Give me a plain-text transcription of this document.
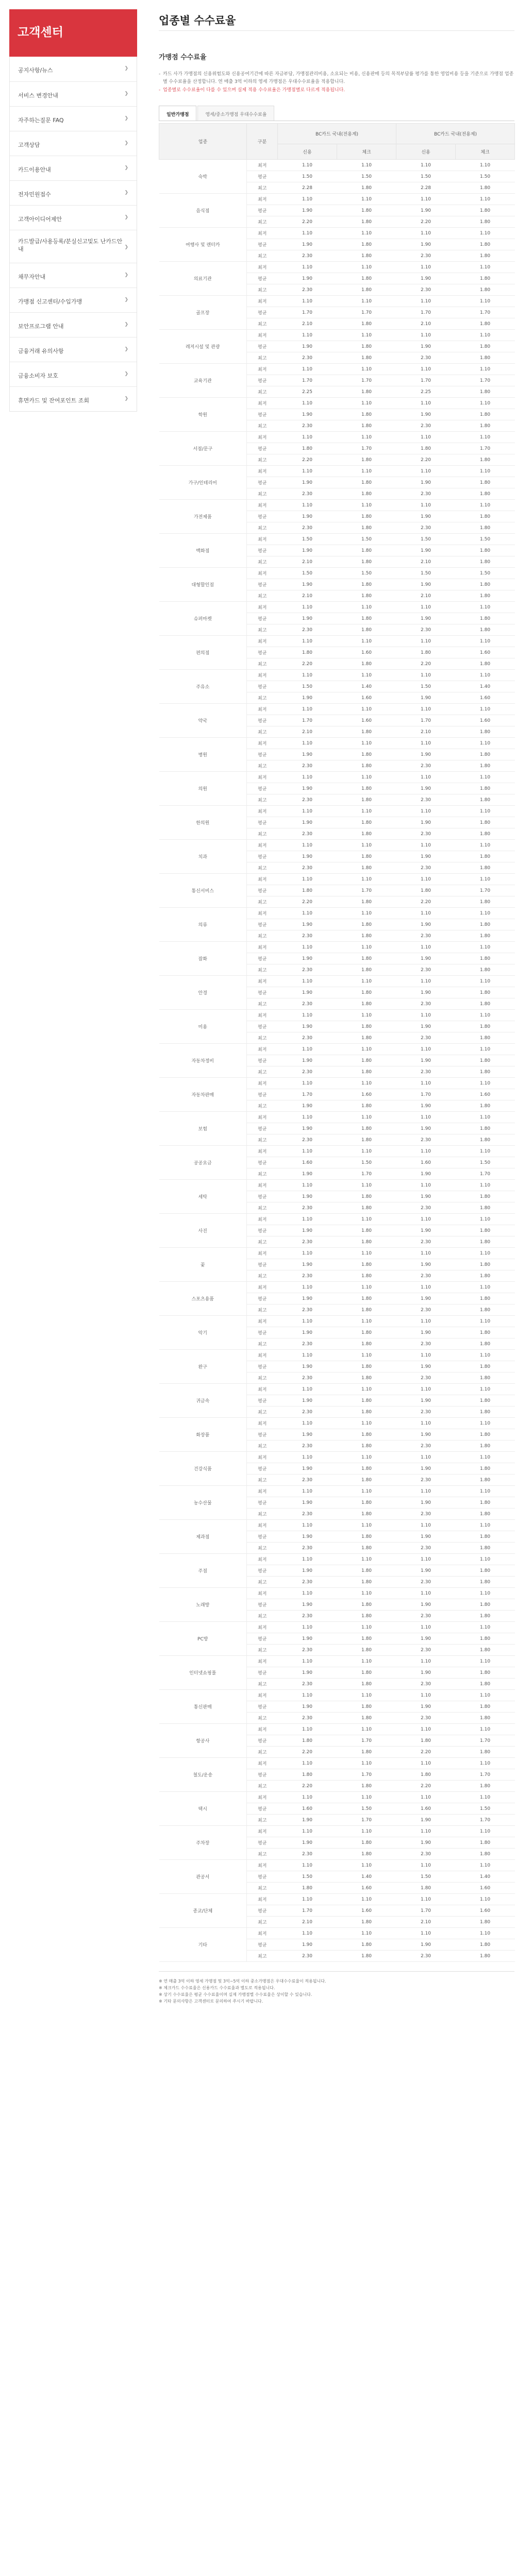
고객센터
공지사항/뉴스	❯
서비스 변경안내	❯
자주하는질문 FAQ	❯
고객상담	❯
카드이용안내	❯
전자민원접수	❯
고객아이디어제안	❯
카드발급/사용등록/분실신고및도 난카드안내	❯
채무자안내	❯
가맹점 신고센터/수입가맹	❯
보안프로그램 안내	❯
금융거래 유의사항	❯
금융소비자 보호	❯
휴면카드 및 잔여포인트 조회	❯
업종별 수수료율
가맹점 수수료율
- 카드 사가 가맹점의 신용위험도와 신용공여기간에 따른 자금부담, 가맹점관리비용, 소요되는 비용, 신용판매 등의 목적부담률 평가를 통한 영업비용 등을 기준으로 가맹점 업종별 수수료율을 산정합니다. 연 매출 3억 이하의 영세 가맹점은 우대수수료율을 적용합니다.
- 업종별로 수수료율이 다를 수 있으며 실제 적용 수수료율은 가맹점별로 다르게 적용됩니다.
일반가맹점	영세/중소가맹점 우대수수료율
업종	구분	BC카드 국내(전용계)		BC카드 국내(전용제)	
		신용	체크	신용	체크
숙박	최저	1.10	1.10	1.10	1.10
	평균	1.50	1.50	1.50	1.50
	최고	2.28	1.80	2.28	1.80
음식점	최저	1.10	1.10	1.10	1.10
	평균	1.90	1.80	1.90	1.80
	최고	2.20	1.80	2.20	1.80
여행사 및 렌터카	최저	1.10	1.10	1.10	1.10
	평균	1.90	1.80	1.90	1.80
	최고	2.30	1.80	2.30	1.80
의료기관	최저	1.10	1.10	1.10	1.10
	평균	1.90	1.80	1.90	1.80
	최고	2.30	1.80	2.30	1.80
골프장	최저	1.10	1.10	1.10	1.10
	평균	1.70	1.70	1.70	1.70
	최고	2.10	1.80	2.10	1.80
레저시설 및 관광	최저	1.10	1.10	1.10	1.10
	평균	1.90	1.80	1.90	1.80
	최고	2.30	1.80	2.30	1.80
교육기관	최저	1.10	1.10	1.10	1.10
	평균	1.70	1.70	1.70	1.70
	최고	2.25	1.80	2.25	1.80
학원	최저	1.10	1.10	1.10	1.10
	평균	1.90	1.80	1.90	1.80
	최고	2.30	1.80	2.30	1.80
서점/문구	최저	1.10	1.10	1.10	1.10
	평균	1.80	1.70	1.80	1.70
	최고	2.20	1.80	2.20	1.80
가구/인테리어	최저	1.10	1.10	1.10	1.10
	평균	1.90	1.80	1.90	1.80
	최고	2.30	1.80	2.30	1.80
가전제품	최저	1.10	1.10	1.10	1.10
	평균	1.90	1.80	1.90	1.80
	최고	2.30	1.80	2.30	1.80
백화점	최저	1.50	1.50	1.50	1.50
	평균	1.90	1.80	1.90	1.80
	최고	2.10	1.80	2.10	1.80
대형할인점	최저	1.50	1.50	1.50	1.50
	평균	1.90	1.80	1.90	1.80
	최고	2.10	1.80	2.10	1.80
슈퍼마켓	최저	1.10	1.10	1.10	1.10
	평균	1.90	1.80	1.90	1.80
	최고	2.30	1.80	2.30	1.80
편의점	최저	1.10	1.10	1.10	1.10
	평균	1.80	1.60	1.80	1.60
	최고	2.20	1.80	2.20	1.80
주유소	최저	1.10	1.10	1.10	1.10
	평균	1.50	1.40	1.50	1.40
	최고	1.90	1.60	1.90	1.60
약국	최저	1.10	1.10	1.10	1.10
	평균	1.70	1.60	1.70	1.60
	최고	2.10	1.80	2.10	1.80
병원	최저	1.10	1.10	1.10	1.10
	평균	1.90	1.80	1.90	1.80
	최고	2.30	1.80	2.30	1.80
의원	최저	1.10	1.10	1.10	1.10
	평균	1.90	1.80	1.90	1.80
	최고	2.30	1.80	2.30	1.80
한의원	최저	1.10	1.10	1.10	1.10
	평균	1.90	1.80	1.90	1.80
	최고	2.30	1.80	2.30	1.80
치과	최저	1.10	1.10	1.10	1.10
	평균	1.90	1.80	1.90	1.80
	최고	2.30	1.80	2.30	1.80
통신서비스	최저	1.10	1.10	1.10	1.10
	평균	1.80	1.70	1.80	1.70
	최고	2.20	1.80	2.20	1.80
의류	최저	1.10	1.10	1.10	1.10
	평균	1.90	1.80	1.90	1.80
	최고	2.30	1.80	2.30	1.80
잡화	최저	1.10	1.10	1.10	1.10
	평균	1.90	1.80	1.90	1.80
	최고	2.30	1.80	2.30	1.80
안경	최저	1.10	1.10	1.10	1.10
	평균	1.90	1.80	1.90	1.80
	최고	2.30	1.80	2.30	1.80
미용	최저	1.10	1.10	1.10	1.10
	평균	1.90	1.80	1.90	1.80
	최고	2.30	1.80	2.30	1.80
자동차정비	최저	1.10	1.10	1.10	1.10
	평균	1.90	1.80	1.90	1.80
	최고	2.30	1.80	2.30	1.80
자동차판매	최저	1.10	1.10	1.10	1.10
	평균	1.70	1.60	1.70	1.60
	최고	1.90	1.80	1.90	1.80
보험	최저	1.10	1.10	1.10	1.10
	평균	1.90	1.80	1.90	1.80
	최고	2.30	1.80	2.30	1.80
공공요금	최저	1.10	1.10	1.10	1.10
	평균	1.60	1.50	1.60	1.50
	최고	1.90	1.70	1.90	1.70
세탁	최저	1.10	1.10	1.10	1.10
	평균	1.90	1.80	1.90	1.80
	최고	2.30	1.80	2.30	1.80
사진	최저	1.10	1.10	1.10	1.10
	평균	1.90	1.80	1.90	1.80
	최고	2.30	1.80	2.30	1.80
꽃	최저	1.10	1.10	1.10	1.10
	평균	1.90	1.80	1.90	1.80
	최고	2.30	1.80	2.30	1.80
스포츠용품	최저	1.10	1.10	1.10	1.10
	평균	1.90	1.80	1.90	1.80
	최고	2.30	1.80	2.30	1.80
악기	최저	1.10	1.10	1.10	1.10
	평균	1.90	1.80	1.90	1.80
	최고	2.30	1.80	2.30	1.80
완구	최저	1.10	1.10	1.10	1.10
	평균	1.90	1.80	1.90	1.80
	최고	2.30	1.80	2.30	1.80
귀금속	최저	1.10	1.10	1.10	1.10
	평균	1.90	1.80	1.90	1.80
	최고	2.30	1.80	2.30	1.80
화장품	최저	1.10	1.10	1.10	1.10
	평균	1.90	1.80	1.90	1.80
	최고	2.30	1.80	2.30	1.80
건강식품	최저	1.10	1.10	1.10	1.10
	평균	1.90	1.80	1.90	1.80
	최고	2.30	1.80	2.30	1.80
농수산물	최저	1.10	1.10	1.10	1.10
	평균	1.90	1.80	1.90	1.80
	최고	2.30	1.80	2.30	1.80
제과점	최저	1.10	1.10	1.10	1.10
	평균	1.90	1.80	1.90	1.80
	최고	2.30	1.80	2.30	1.80
주점	최저	1.10	1.10	1.10	1.10
	평균	1.90	1.80	1.90	1.80
	최고	2.30	1.80	2.30	1.80
노래방	최저	1.10	1.10	1.10	1.10
	평균	1.90	1.80	1.90	1.80
	최고	2.30	1.80	2.30	1.80
PC방	최저	1.10	1.10	1.10	1.10
	평균	1.90	1.80	1.90	1.80
	최고	2.30	1.80	2.30	1.80
인터넷쇼핑몰	최저	1.10	1.10	1.10	1.10
	평균	1.90	1.80	1.90	1.80
	최고	2.30	1.80	2.30	1.80
통신판매	최저	1.10	1.10	1.10	1.10
	평균	1.90	1.80	1.90	1.80
	최고	2.30	1.80	2.30	1.80
항공사	최저	1.10	1.10	1.10	1.10
	평균	1.80	1.70	1.80	1.70
	최고	2.20	1.80	2.20	1.80
철도/운송	최저	1.10	1.10	1.10	1.10
	평균	1.80	1.70	1.80	1.70
	최고	2.20	1.80	2.20	1.80
택시	최저	1.10	1.10	1.10	1.10
	평균	1.60	1.50	1.60	1.50
	최고	1.90	1.70	1.90	1.70
주차장	최저	1.10	1.10	1.10	1.10
	평균	1.90	1.80	1.90	1.80
	최고	2.30	1.80	2.30	1.80
관공서	최저	1.10	1.10	1.10	1.10
	평균	1.50	1.40	1.50	1.40
	최고	1.80	1.60	1.80	1.60
종교/단체	최저	1.10	1.10	1.10	1.10
	평균	1.70	1.60	1.70	1.60
	최고	2.10	1.80	2.10	1.80
기타	최저	1.10	1.10	1.10	1.10
	평균	1.90	1.80	1.90	1.80
	최고	2.30	1.80	2.30	1.80
※ 연 매출 3억 이하 영세 가맹점 및 3억~5억 이하 중소가맹점은 우대수수료율이 적용됩니다.
※ 체크카드 수수료율은 신용카드 수수료율과 별도로 적용됩니다.
※ 상기 수수료율은 평균 수수료율이며 실제 가맹점별 수수료율은 상이할 수 있습니다.
※ 기타 문의사항은 고객센터로 문의하여 주시기 바랍니다.
